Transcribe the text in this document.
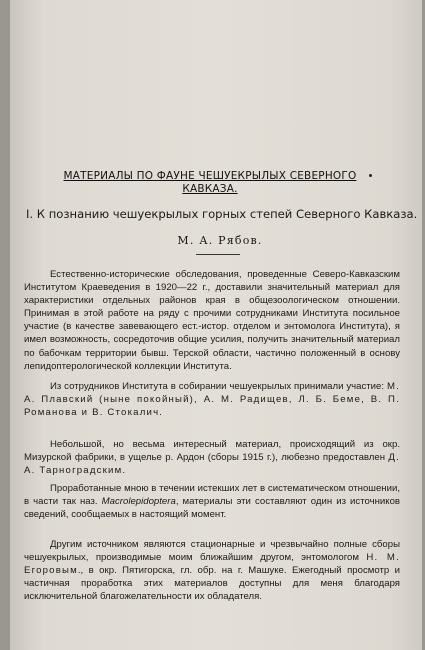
МАТЕРИАЛЫ ПО ФАУНЕ ЧЕШУЕКРЫЛЫХ СЕВЕРНОГО
КАВКАЗА.
I. К познанию чешуекрылых горных степей Северного Кавказа.
М. А. Рябов.

Естественно-исторические обследования, проведенные Северо-Кавказским Институтом Краеведения в 1920—22 г., доставили значительный материал для характеристики отдельных районов края в общезоологическом отношении. Принимая в этой работе на ряду с прочими сотрудниками Института посильное участие (в качестве завевающего ест.-истор. отделом и энтомолога Института), я имел возможность, сосредоточив общие усилия, получить значительный материал по бабочкам территории бывш. Терской области, частично положенный в основу лепидоптерологической коллекции Института.

Из сотрудников Института в собирании чешуекрылых принимали участие: М. А. Плавский (ныне покойный), А. М. Радищев, Л. Б. Беме, В. П. Романова и В. Стокалич.

Небольшой, но весьма интересный материал, происходящий из окр. Мизурской фабрики, в ущелье р. Ардон (сборы 1915 г.), любезно предоставлен Д. А. Тарноградским.

Проработанные мною в течении истекших лет в систематическом отношении, в части так наз. Macrolepidoptera, материалы эти составляют один из источников сведений, сообщаемых в настоящий момент.

Другим источником являются стационарные и чрезвычайно полные сборы чешуекрылых, производимые моим ближайшим другом, энтомологом Н. М. Егоровым., в окр. Пятигорска, гл. обр. на г. Машуке. Ежегодный просмотр и частичная проработка этих материалов доступны для меня благодаря исключительной благожелательности их обладателя.
